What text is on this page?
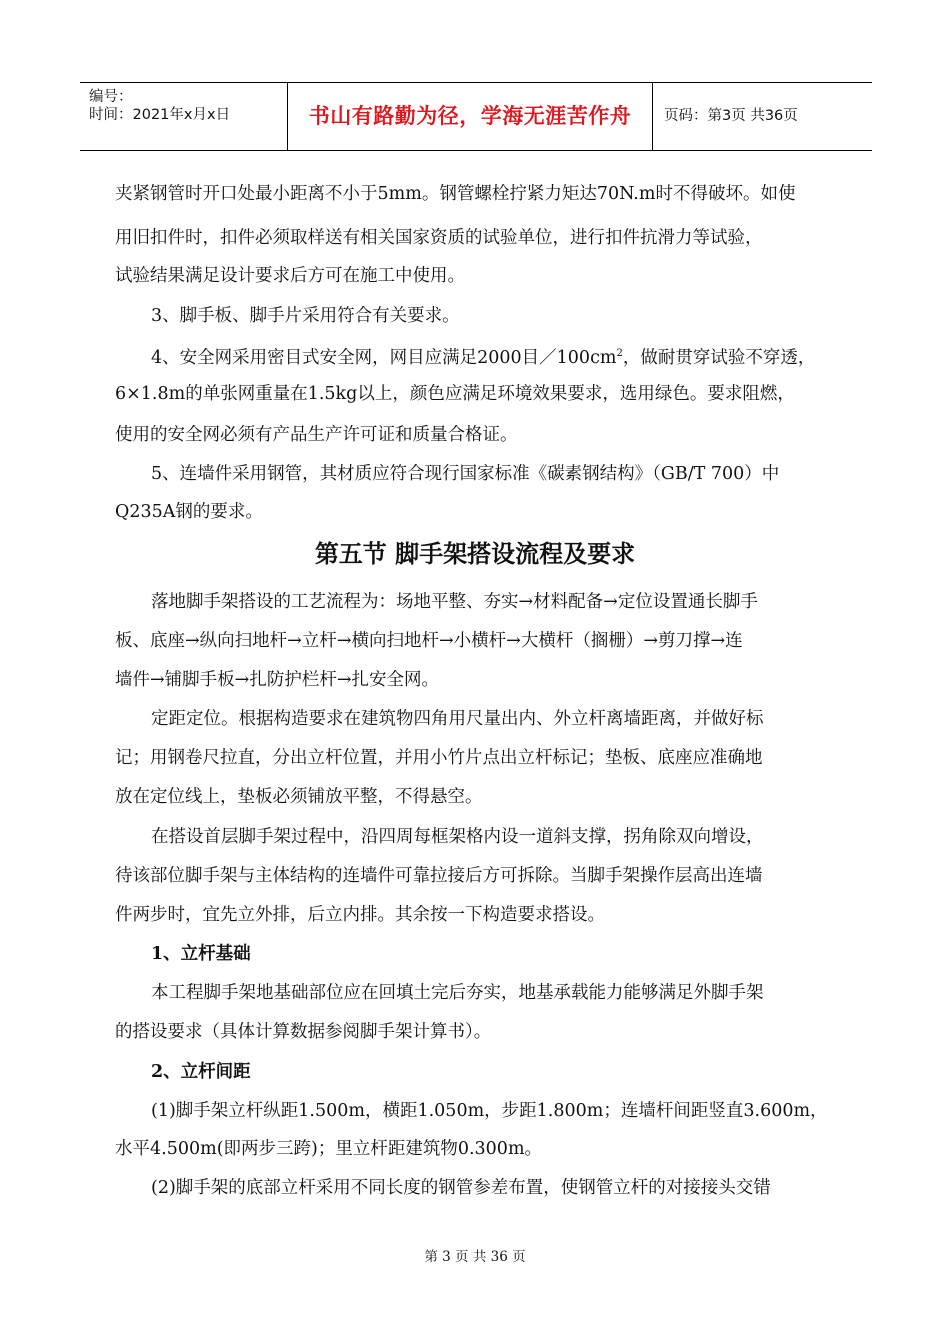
编号：
时间：2021年x月x日	书山有路勤为径，学海无涯苦作舟	页码：第3页 共36页
夹紧钢管时开口处最小距离不小于5mm。钢管螺栓拧紧力矩达70N.m时不得破坏。如使
用旧扣件时，扣件必须取样送有相关国家资质的试验单位，进行扣件抗滑力等试验，
试验结果满足设计要求后方可在施工中使用。
3、脚手板、脚手片采用符合有关要求。
4、安全网采用密目式安全网，网目应满足2000目$/100cm^2$，做耐贯穿试验不穿透，
6×1.8m的单张网重量在1.5kg以上，颜色应满足环境效果要求，选用绿色。要求阻燃，
使用的安全网必须有产品生产许可证和质量合格证。
5、连墙件采用钢管，其材质应符合现行国家标准《碳素钢结构》（GB/T 700）中
Q235A钢的要求。
第五节 脚手架搭设流程及要求
落地脚手架搭设的工艺流程为：场地平整、夯实→材料配备→定位设置通长脚手
板、底座→纵向扫地杆→立杆→横向扫地杆→小横杆→大横杆（搁栅）→剪刀撑→连
墙件→铺脚手板→扎防护栏杆→扎安全网。
定距定位。根据构造要求在建筑物四角用尺量出内、外立杆离墙距离，并做好标
记；用钢卷尺拉直，分出立杆位置，并用小竹片点出立杆标记；垫板、底座应准确地
放在定位线上，垫板必须铺放平整，不得悬空。
在搭设首层脚手架过程中，沿四周每框架格内设一道斜支撑，拐角除双向增设，
待该部位脚手架与主体结构的连墙件可靠拉接后方可拆除。当脚手架操作层高出连墙
件两步时，宜先立外排，后立内排。其余按一下构造要求搭设。
1、立杆基础
本工程脚手架地基础部位应在回填土完后夯实，地基承载能力能够满足外脚手架
的搭设要求（具体计算数据参阅脚手架计算书）。
2、立杆间距
(1)脚手架立杆纵距1.500m，横距1.050m，步距1.800m；连墙杆间距竖直3.600m，
水平4.500m(即两步三跨)；里立杆距建筑物0.300m。
(2)脚手架的底部立杆采用不同长度的钢管参差布置，使钢管立杆的对接接头交错
第 3 页 共 36 页
